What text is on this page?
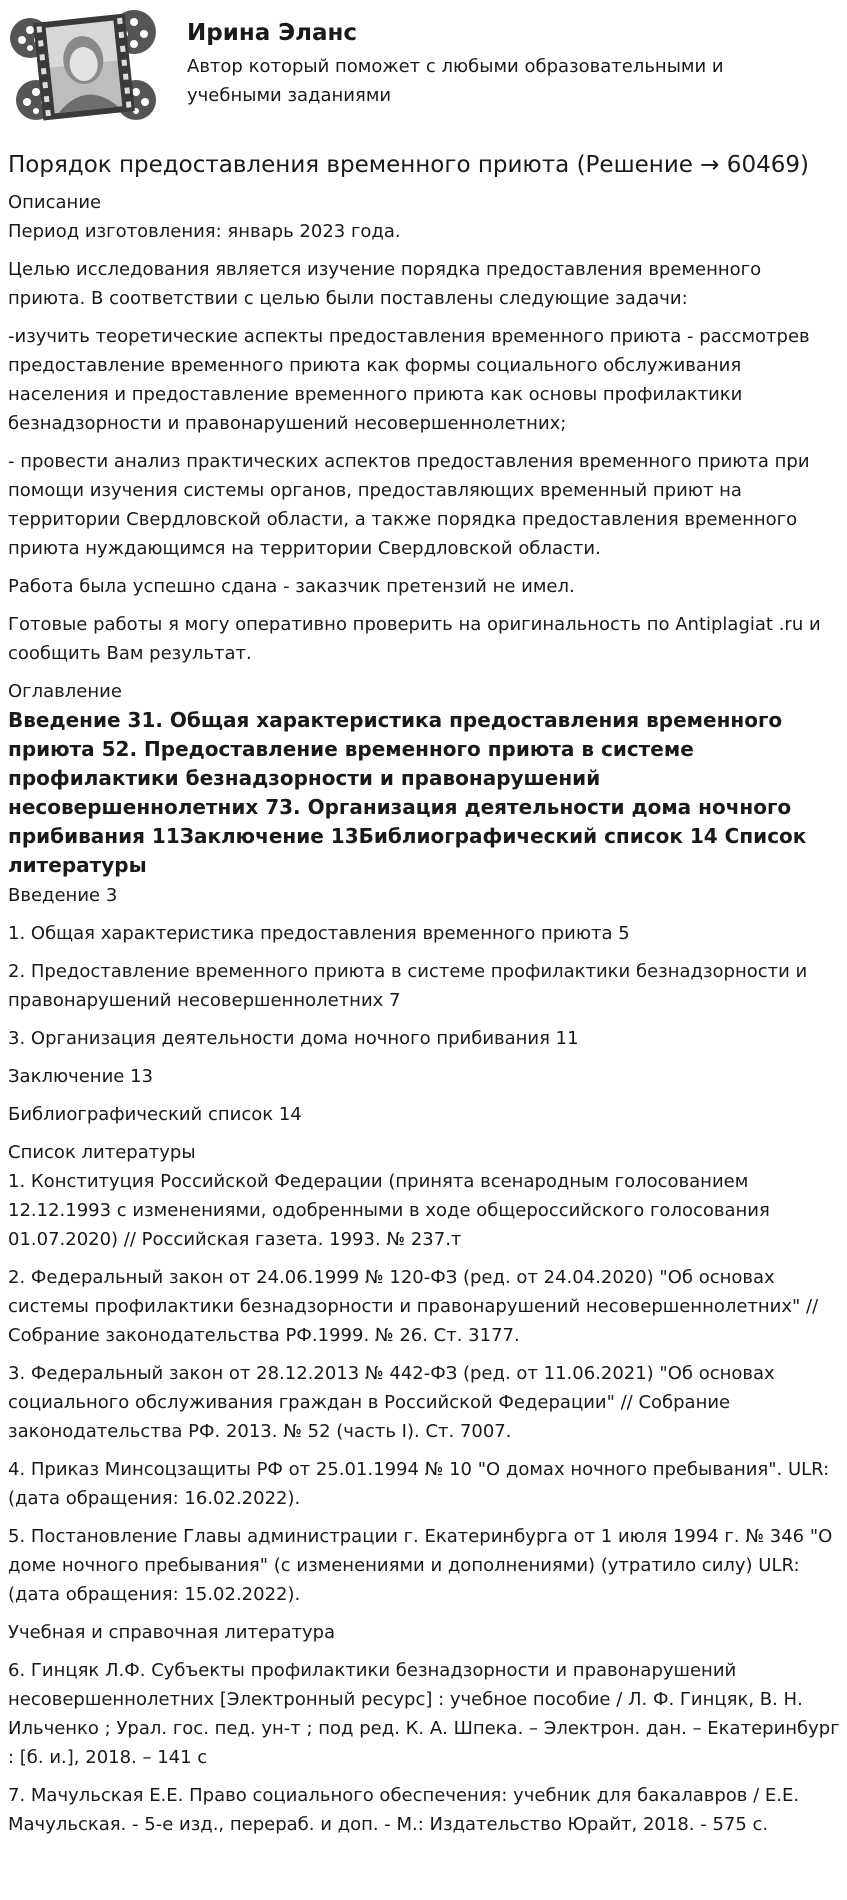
Ирина Эланс

Автор который поможет с любыми образовательными и учебными заданиями

Порядок предоставления временного приюта (Решение → 60469)

Описание

Период изготовления: январь 2023 года.

Целью исследования является изучение порядка предоставления временного приюта. В соответствии с целью были поставлены следующие задачи:

-изучить теоретические аспекты предоставления временного приюта - рассмотрев предоставление временного приюта как формы социального обслуживания населения и предоставление временного приюта как основы профилактики безнадзорности и правонарушений несовершеннолетних;

- провести анализ практических аспектов предоставления временного приюта при помощи изучения системы органов, предоставляющих временный приют на территории Свердловской области, а также порядка предоставления временного приюта нуждающимся на территории Свердловской области.

Работа была успешно сдана - заказчик претензий не имел.

Готовые работы я могу оперативно проверить на оригинальность по Antiplagiat .ru и сообщить Вам результат.

Оглавление

Введение 31. Общая характеристика предоставления временного приюта 52. Предоставление временного приюта в системе профилактики безнадзорности и правонарушений несовершеннолетних 73. Организация деятельности дома ночного прибивания 11Заключение 13Библиографический список 14 Список литературы

Введение 3

1. Общая характеристика предоставления временного приюта 5

2. Предоставление временного приюта в системе профилактики безнадзорности и правонарушений несовершеннолетних 7

3. Организация деятельности дома ночного прибивания 11

Заключение 13

Библиографический список 14

Список литературы

1. Конституция Российской Федерации (принята всенародным голосованием 12.12.1993 с изменениями, одобренными в ходе общероссийского голосования 01.07.2020) // Российская газета. 1993. № 237.т

2. Федеральный закон от 24.06.1999 № 120-ФЗ (ред. от 24.04.2020) "Об основах системы профилактики безнадзорности и правонарушений несовершеннолетних" // Собрание законодательства РФ.1999. № 26. Ст. 3177.

3. Федеральный закон от 28.12.2013 № 442-ФЗ (ред. от 11.06.2021) "Об основах социального обслуживания граждан в Российской Федерации" // Собрание законодательства РФ. 2013. № 52 (часть I). Ст. 7007.

4. Приказ Минсоцзащиты РФ от 25.01.1994 № 10 "О домах ночного пребывания". ULR: (дата обращения: 16.02.2022).

5. Постановление Главы администрации г. Екатеринбурга от 1 июля 1994 г. № 346 "О доме ночного пребывания" (с изменениями и дополнениями) (утратило силу) ULR: (дата обращения: 15.02.2022).

Учебная и справочная литература

6. Гинцяк Л.Ф. Субъекты профилактики безнадзорности и правонарушений несовершеннолетних [Электронный ресурс] : учебное пособие / Л. Ф. Гинцяк, В. Н. Ильченко ; Урал. гос. пед. ун-т ; под ред. К. А. Шпека. – Электрон. дан. – Екатеринбург : [б. и.], 2018. – 141 с

7. Мачульская Е.Е. Право социального обеспечения: учебник для бакалавров / Е.Е. Мачульская. - 5-е изд., перераб. и доп. - М.: Издательство Юрайт, 2018. - 575 с.
